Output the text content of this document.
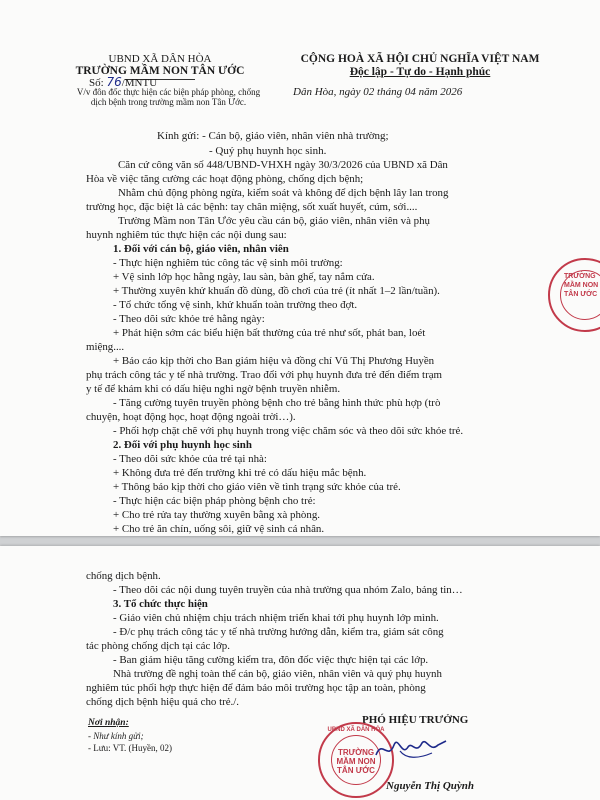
UBND XÃ DÂN HÒA
TRƯỜNG MẦM NON TÂN ƯỚC
CỘNG HOÀ XÃ HỘI CHỦ NGHĨA VIỆT NAM
Độc lập - Tự do - Hạnh phúc
Số: 76/MNTU
V/v đôn đốc thực hiện các biện pháp phòng, chống dịch bệnh trong trường mầm non Tân Ước.
Dân Hòa, ngày 02 tháng 04 năm 2026
Kính gửi: - Cán bộ, giáo viên, nhân viên nhà trường;
- Quý phụ huynh học sinh.
Căn cứ công văn số 448/UBND-VHXH ngày 30/3/2026 của UBND xã Dân
Hòa về việc tăng cường các hoạt động phòng, chống dịch bệnh;
Nhằm chủ động phòng ngừa, kiểm soát và không để dịch bệnh lây lan trong
trường học, đặc biệt là các bệnh: tay chân miệng, sốt xuất huyết, cúm, sởi....
Trường Mầm non Tân Ước yêu cầu cán bộ, giáo viên, nhân viên và phụ
huynh nghiêm túc thực hiện các nội dung sau:
1. Đối với cán bộ, giáo viên, nhân viên
- Thực hiện nghiêm túc công tác vệ sinh môi trường:
+ Vệ sinh lớp học hằng ngày, lau sàn, bàn ghế, tay nắm cửa.
+ Thường xuyên khử khuẩn đồ dùng, đồ chơi của trẻ (ít nhất 1–2 lần/tuần).
- Tổ chức tổng vệ sinh, khử khuẩn toàn trường theo đợt.
- Theo dõi sức khỏe trẻ hằng ngày:
+ Phát hiện sớm các biểu hiện bất thường của trẻ như sốt, phát ban, loét
miệng....
+ Báo cáo kịp thời cho Ban giám hiệu và đồng chí Vũ Thị Phương Huyền
phụ trách công tác y tế nhà trường. Trao đổi với phụ huynh đưa trẻ đến điểm trạm
y tế để khám khi có dấu hiệu nghi ngờ bệnh truyền nhiễm.
- Tăng cường tuyên truyền phòng bệnh cho trẻ bằng hình thức phù hợp (trò
chuyện, hoạt động học, hoạt động ngoài trời…).
- Phối hợp chặt chẽ với phụ huynh trong việc chăm sóc và theo dõi sức khỏe trẻ.
2. Đối với phụ huynh học sinh
- Theo dõi sức khỏe của trẻ tại nhà:
+ Không đưa trẻ đến trường khi trẻ có dấu hiệu mắc bệnh.
+ Thông báo kịp thời cho giáo viên về tình trạng sức khỏe của trẻ.
- Thực hiện các biện pháp phòng bệnh cho trẻ:
+ Cho trẻ rửa tay thường xuyên bằng xà phòng.
+ Cho trẻ ăn chín, uống sôi, giữ vệ sinh cá nhân.
TRƯỜNG
MẦM NON
TÂN ƯỚC
chống dịch bệnh.
- Theo dõi các nội dung tuyên truyền của nhà trường qua nhóm Zalo, bảng tin…
3. Tổ chức thực hiện
- Giáo viên chủ nhiệm chịu trách nhiệm triển khai tới phụ huynh lớp mình.
- Đ/c phụ trách công tác y tế nhà trường hướng dẫn, kiểm tra, giám sát công
tác phòng chống dịch tại các lớp.
- Ban giám hiệu tăng cường kiểm tra, đôn đốc việc thực hiện tại các lớp.
Nhà trường đề nghị toàn thể cán bộ, giáo viên, nhân viên và quý phụ huynh
nghiêm túc phối hợp thực hiện để đảm bảo môi trường học tập an toàn, phòng
chống dịch bệnh hiệu quả cho trẻ./.
Nơi nhận:
- Như kính gửi;
- Lưu: VT. (Huyền, 02)
PHÓ HIỆU TRƯỞNG
UBND XÃ DÂN HÒA
TRƯỜNG
MẦM NON
TÂN ƯỚC
Nguyễn Thị Quỳnh
